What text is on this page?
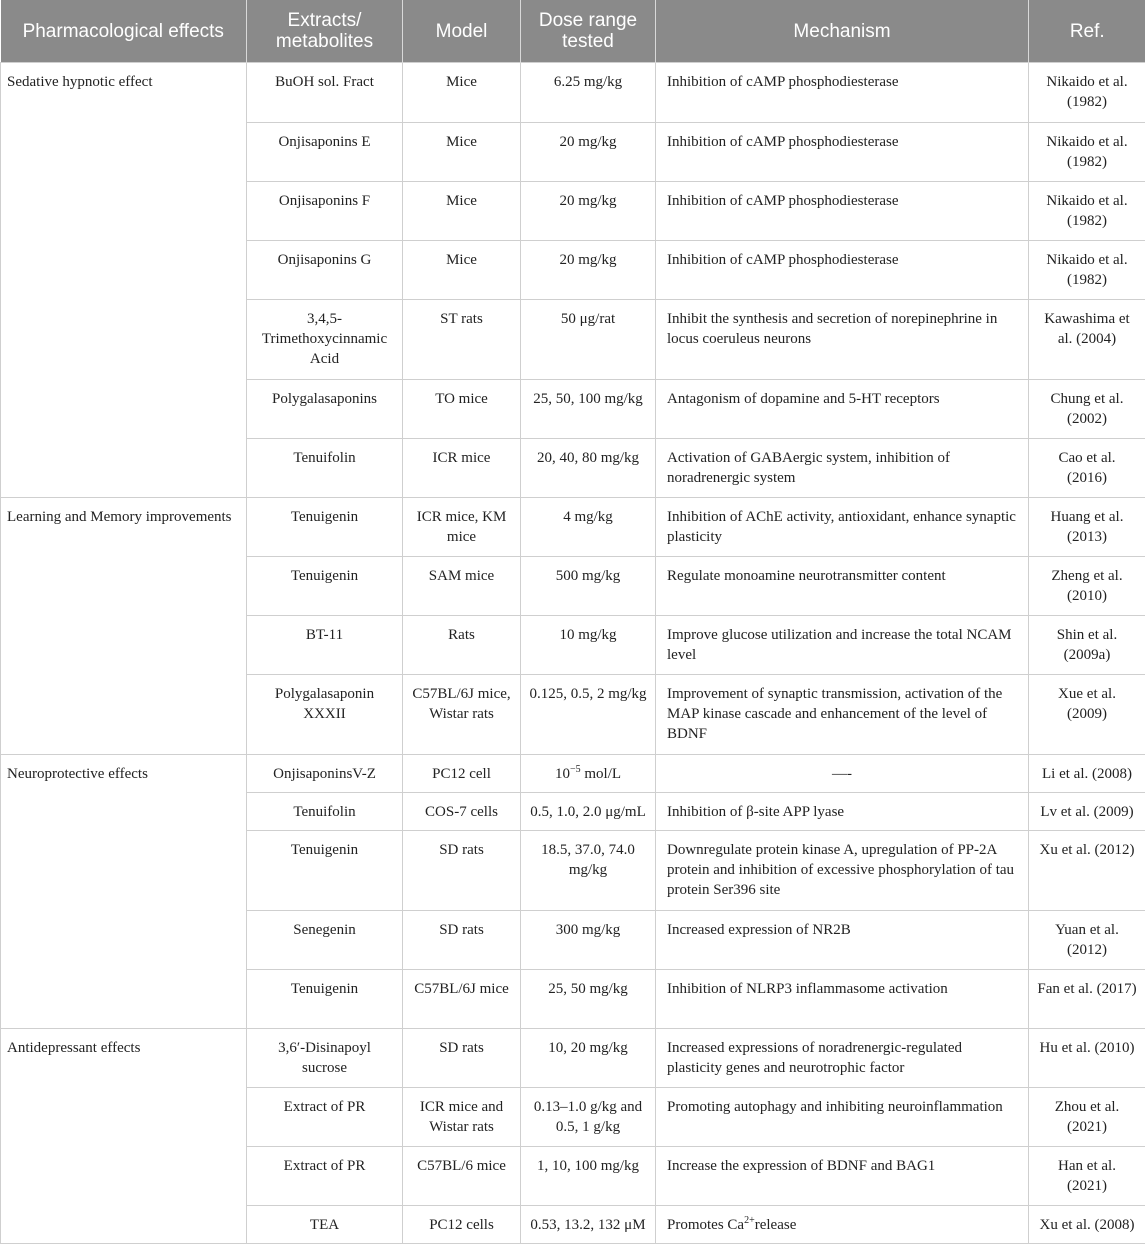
Pharmacological effects	Extracts/ metabolites	Model	Dose range tested	Mechanism	Ref.
Sedative hypnotic effect	BuOH sol. Fract	Mice	6.25 mg/kg	Inhibition of cAMP phosphodiesterase	Nikaido et al. (1982)
	Onjisaponins E	Mice	20 mg/kg	Inhibition of cAMP phosphodiesterase	Nikaido et al. (1982)
	Onjisaponins F	Mice	20 mg/kg	Inhibition of cAMP phosphodiesterase	Nikaido et al. (1982)
	Onjisaponins G	Mice	20 mg/kg	Inhibition of cAMP phosphodiesterase	Nikaido et al. (1982)
	3,4,5-Trimethoxycinnamic Acid	ST rats	50 μg/rat	Inhibit the synthesis and secretion of norepinephrine in locus coeruleus neurons	Kawashima et al. (2004)
	Polygalasaponins	TO mice	25, 50, 100 mg/kg	Antagonism of dopamine and 5-HT receptors	Chung et al. (2002)
	Tenuifolin	ICR mice	20, 40, 80 mg/kg	Activation of GABAergic system, inhibition of noradrenergic system	Cao et al. (2016)
Learning and Memory improvements	Tenuigenin	ICR mice, KM mice	4 mg/kg	Inhibition of AChE activity, antioxidant, enhance synaptic plasticity	Huang et al. (2013)
	Tenuigenin	SAM mice	500 mg/kg	Regulate monoamine neurotransmitter content	Zheng et al. (2010)
	BT-11	Rats	10 mg/kg	Improve glucose utilization and increase the total NCAM level	Shin et al. (2009a)
	Polygalasaponin XXXII	C57BL/6J mice, Wistar rats	0.125, 0.5, 2 mg/kg	Improvement of synaptic transmission, activation of the MAP kinase cascade and enhancement of the level of BDNF	Xue et al. (2009)
Neuroprotective effects	OnjisaponinsV-Z	PC12 cell	$10^{-5}$ mol/L	—-	Li et al. (2008)
	Tenuifolin	COS-7 cells	0.5, 1.0, 2.0 μg/mL	Inhibition of β-site APP lyase	Lv et al. (2009)
	Tenuigenin	SD rats	18.5, 37.0, 74.0 mg/kg	Downregulate protein kinase A, upregulation of PP-2A protein and inhibition of excessive phosphorylation of tau protein Ser396 site	Xu et al. (2012)
	Senegenin	SD rats	300 mg/kg	Increased expression of NR2B	Yuan et al. (2012)
	Tenuigenin	C57BL/6J mice	25, 50 mg/kg	Inhibition of NLRP3 inflammasome activation	Fan et al. (2017)
Antidepressant effects	3,6′-Disinapoyl sucrose	SD rats	10, 20 mg/kg	Increased expressions of noradrenergic-regulated plasticity genes and neurotrophic factor	Hu et al. (2010)
	Extract of PR	ICR mice and Wistar rats	0.13–1.0 g/kg and 0.5, 1 g/kg	Promoting autophagy and inhibiting neuroinflammation	Zhou et al. (2021)
	Extract of PR	C57BL/6 mice	1, 10, 100 mg/kg	Increase the expression of BDNF and BAG1	Han et al. (2021)
	TEA	PC12 cells	0.53, 13.2, 132 μM	Promotes $Ca^{2+}release$	Xu et al. (2008)
